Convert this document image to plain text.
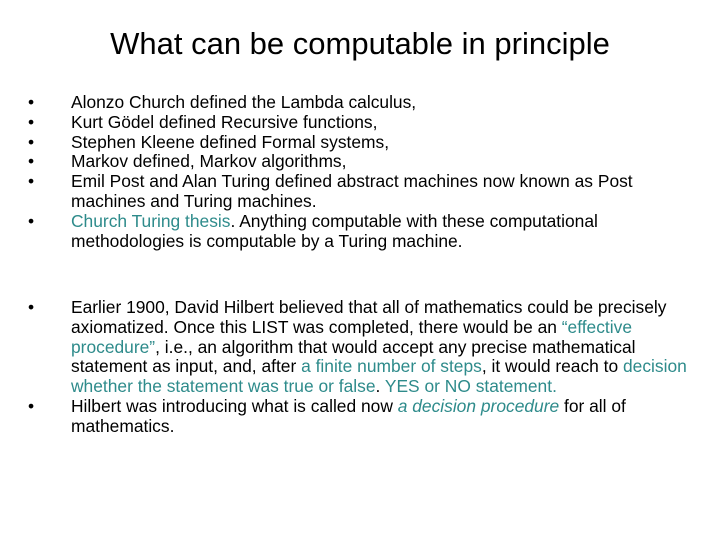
What can be computable in principle
•	Alonzo Church defined the Lambda calculus,
•	Kurt Gödel defined Recursive functions,
•	Stephen Kleene defined Formal systems,
•	Markov defined, Markov algorithms,
•	Emil Post and Alan Turing defined abstract machines now known as Post machines and Turing machines.
•	Church Turing thesis. Anything computable with these computational methodologies is computable by a Turing machine.
•	Earlier 1900, David Hilbert believed that all of mathematics could be precisely axiomatized. Once this LIST was completed, there would be an “effective procedure”, i.e., an algorithm that would accept any precise mathematical statement as input, and, after a finite number of steps, it would reach to decision whether the statement was true or false. YES or NO statement.
•	Hilbert was introducing what is called now a decision procedure for all of mathematics.
